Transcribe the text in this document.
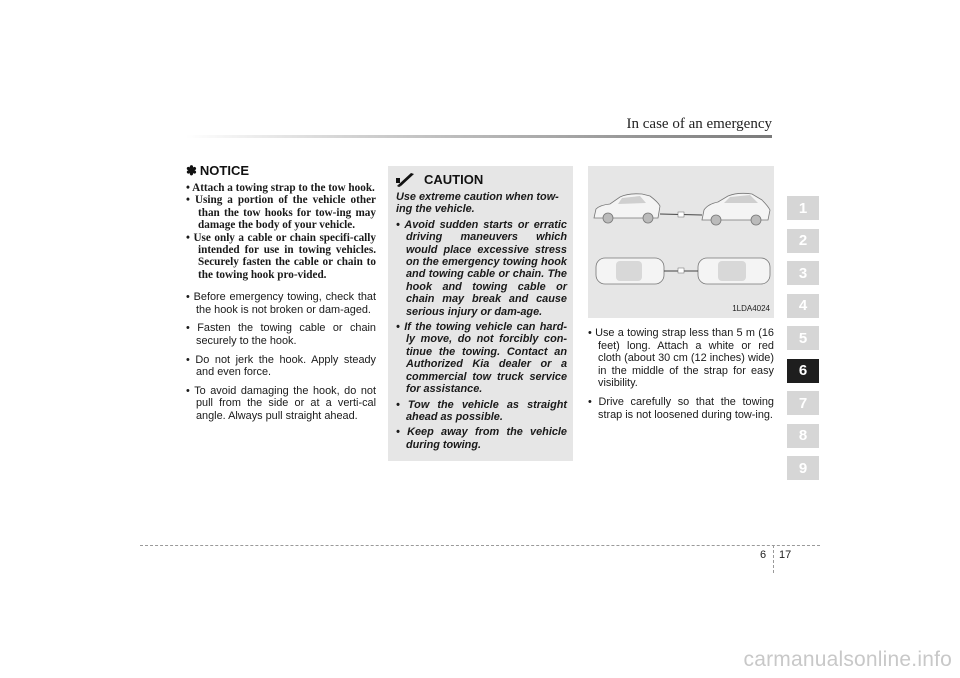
In case of an emergency
✽ NOTICE
• Attach a towing strap to the tow hook.
• Using a portion of the vehicle other than the tow hooks for tow-ing may damage the body of your vehicle.
• Use only a cable or chain specifi-cally intended for use in towing vehicles. Securely fasten the cable or chain to the towing hook pro-vided.
• Before emergency towing, check that the hook is not broken or dam-aged.
• Fasten the towing cable or chain securely to the hook.
• Do not jerk the hook. Apply steady and even force.
• To avoid damaging the hook, do not pull from the side or at a verti-cal angle. Always pull straight ahead.
CAUTION
Use extreme caution when tow-ing the vehicle.
• Avoid sudden starts or erratic driving maneuvers which would place excessive stress on the emergency towing hook and towing cable or chain. The hook and towing cable or chain may break and cause serious injury or dam-age.
• If the towing vehicle can hard-ly move, do not forcibly con-tinue the towing. Contact an Authorized Kia dealer or a commercial tow truck service for assistance.
• Tow the vehicle as straight ahead as possible.
• Keep away from the vehicle during towing.
1LDA4024
• Use a towing strap less than 5 m (16 feet) long. Attach a white or red cloth (about 30 cm (12 inches) wide) in the middle of the strap for easy visibility.
• Drive carefully so that the towing strap is not loosened during tow-ing.
1
2
3
4
5
6
7
8
9
6 17
carmanualsonline.info
